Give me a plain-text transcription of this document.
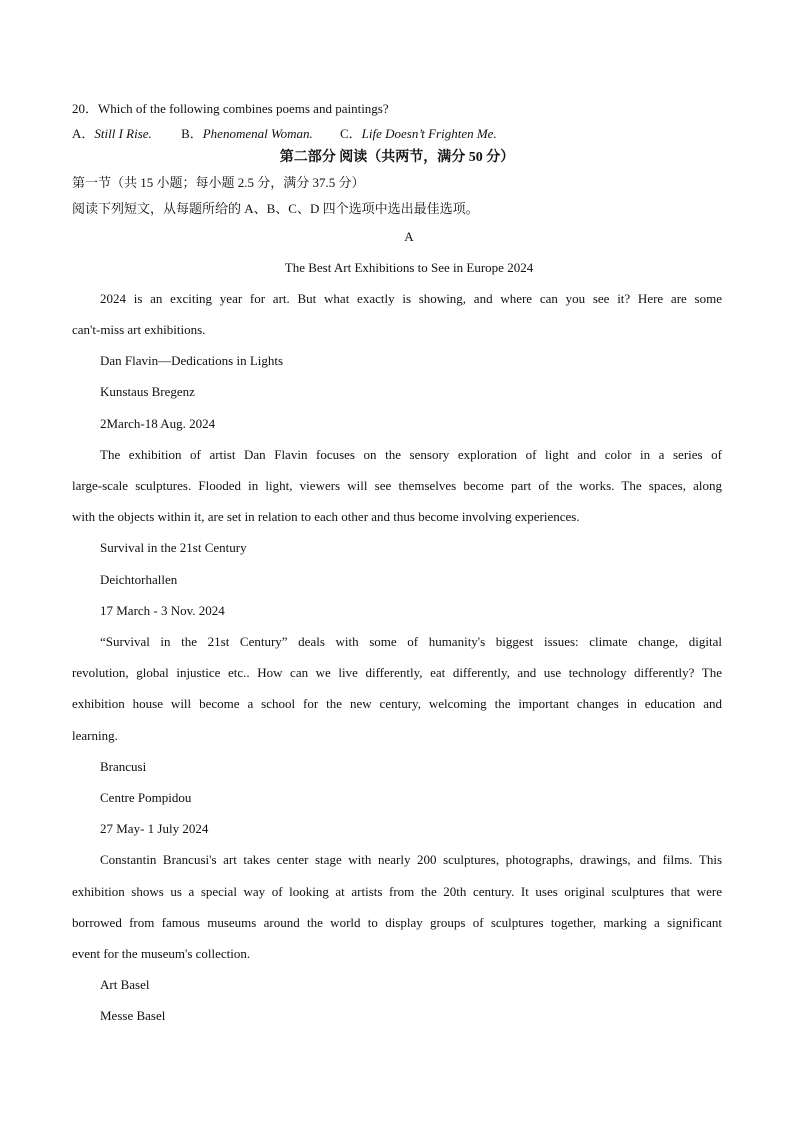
20．Which of the following combines poems and paintings?
A．Still I Rise. B．Phenomenal Woman. C．Life Doesn’t Frighten Me.
第二部分 阅读（共两节，满分 50 分）
第一节（共 15 小题；每小题 2.5 分，满分 37.5 分）
阅读下列短文，从每题所给的 A、B、C、D 四个选项中选出最佳选项。
A
The Best Art Exhibitions to See in Europe 2024
2024 is an exciting year for art. But what exactly is showing, and where can you see it? Here are some
can't-miss art exhibitions.
Dan Flavin—Dedications in Lights
Kunstaus Bregenz
2March-18 Aug. 2024
The exhibition of artist Dan Flavin focuses on the sensory exploration of light and color in a series of
large-scale sculptures. Flooded in light, viewers will see themselves become part of the works. The spaces, along
with the objects within it, are set in relation to each other and thus become involving experiences.
Survival in the 21st Century
Deichtorhallen
17 March - 3 Nov. 2024
“Survival in the 21st Century” deals with some of humanity's biggest issues: climate change, digital
revolution, global injustice etc.. How can we live differently, eat differently, and use technology differently? The
exhibition house will become a school for the new century, welcoming the important changes in education and
learning.
Brancusi
Centre Pompidou
27 May- 1 July 2024
Constantin Brancusi's art takes center stage with nearly 200 sculptures, photographs, drawings, and films. This
exhibition shows us a special way of looking at artists from the 20th century. It uses original sculptures that were
borrowed from famous museums around the world to display groups of sculptures together, marking a significant
event for the museum's collection.
Art Basel
Messe Basel
